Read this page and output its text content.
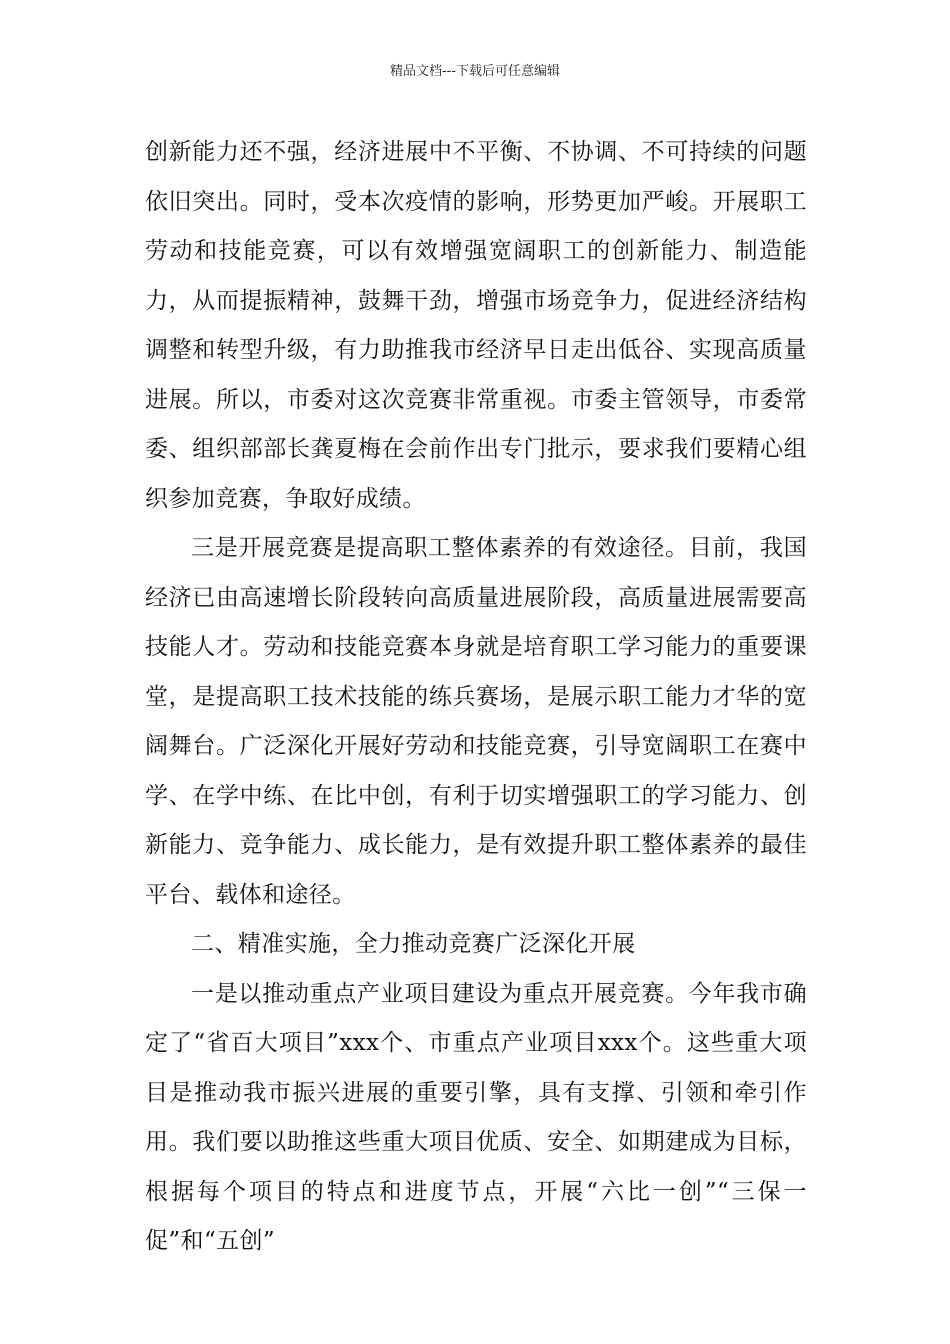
精品文档---下载后可任意编辑

创新能力还不强，经济进展中不平衡、不协调、不可持续的问题依旧突出。同时，受本次疫情的影响，形势更加严峻。开展职工劳动和技能竞赛，可以有效增强宽阔职工的创新能力、制造能力，从而提振精神，鼓舞干劲，增强市场竞争力，促进经济结构调整和转型升级，有力助推我市经济早日走出低谷、实现高质量进展。所以，市委对这次竞赛非常重视。市委主管领导，市委常委、组织部部长龚夏梅在会前作出专门批示，要求我们要精心组织参加竞赛，争取好成绩。

三是开展竞赛是提高职工整体素养的有效途径。目前，我国经济已由高速增长阶段转向高质量进展阶段，高质量进展需要高技能人才。劳动和技能竞赛本身就是培育职工学习能力的重要课堂，是提高职工技术技能的练兵赛场，是展示职工能力才华的宽阔舞台。广泛深化开展好劳动和技能竞赛，引导宽阔职工在赛中学、在学中练、在比中创，有利于切实增强职工的学习能力、创新能力、竞争能力、成长能力，是有效提升职工整体素养的最佳平台、载体和途径。

二、精准实施，全力推动竞赛广泛深化开展

一是以推动重点产业项目建设为重点开展竞赛。今年我市确定了“省百大项目”xxx个、市重点产业项目xxx个。这些重大项目是推动我市振兴进展的重要引擎，具有支撑、引领和牵引作用。我们要以助推这些重大项目优质、安全、如期建成为目标，根据每个项目的特点和进度节点，开展“六比一创”“三保一促”和“五创”
